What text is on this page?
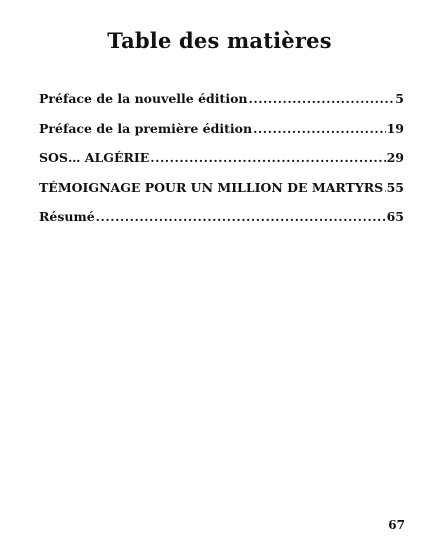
Table des matières
Préface de la nouvelle édition .....	5
Préface de la première édition .....	19
SOS… ALGÉRIE .....	29
TÉMOIGNAGE POUR UN MILLION DE MARTYRS ..... 55
Résumé .....	65
67
